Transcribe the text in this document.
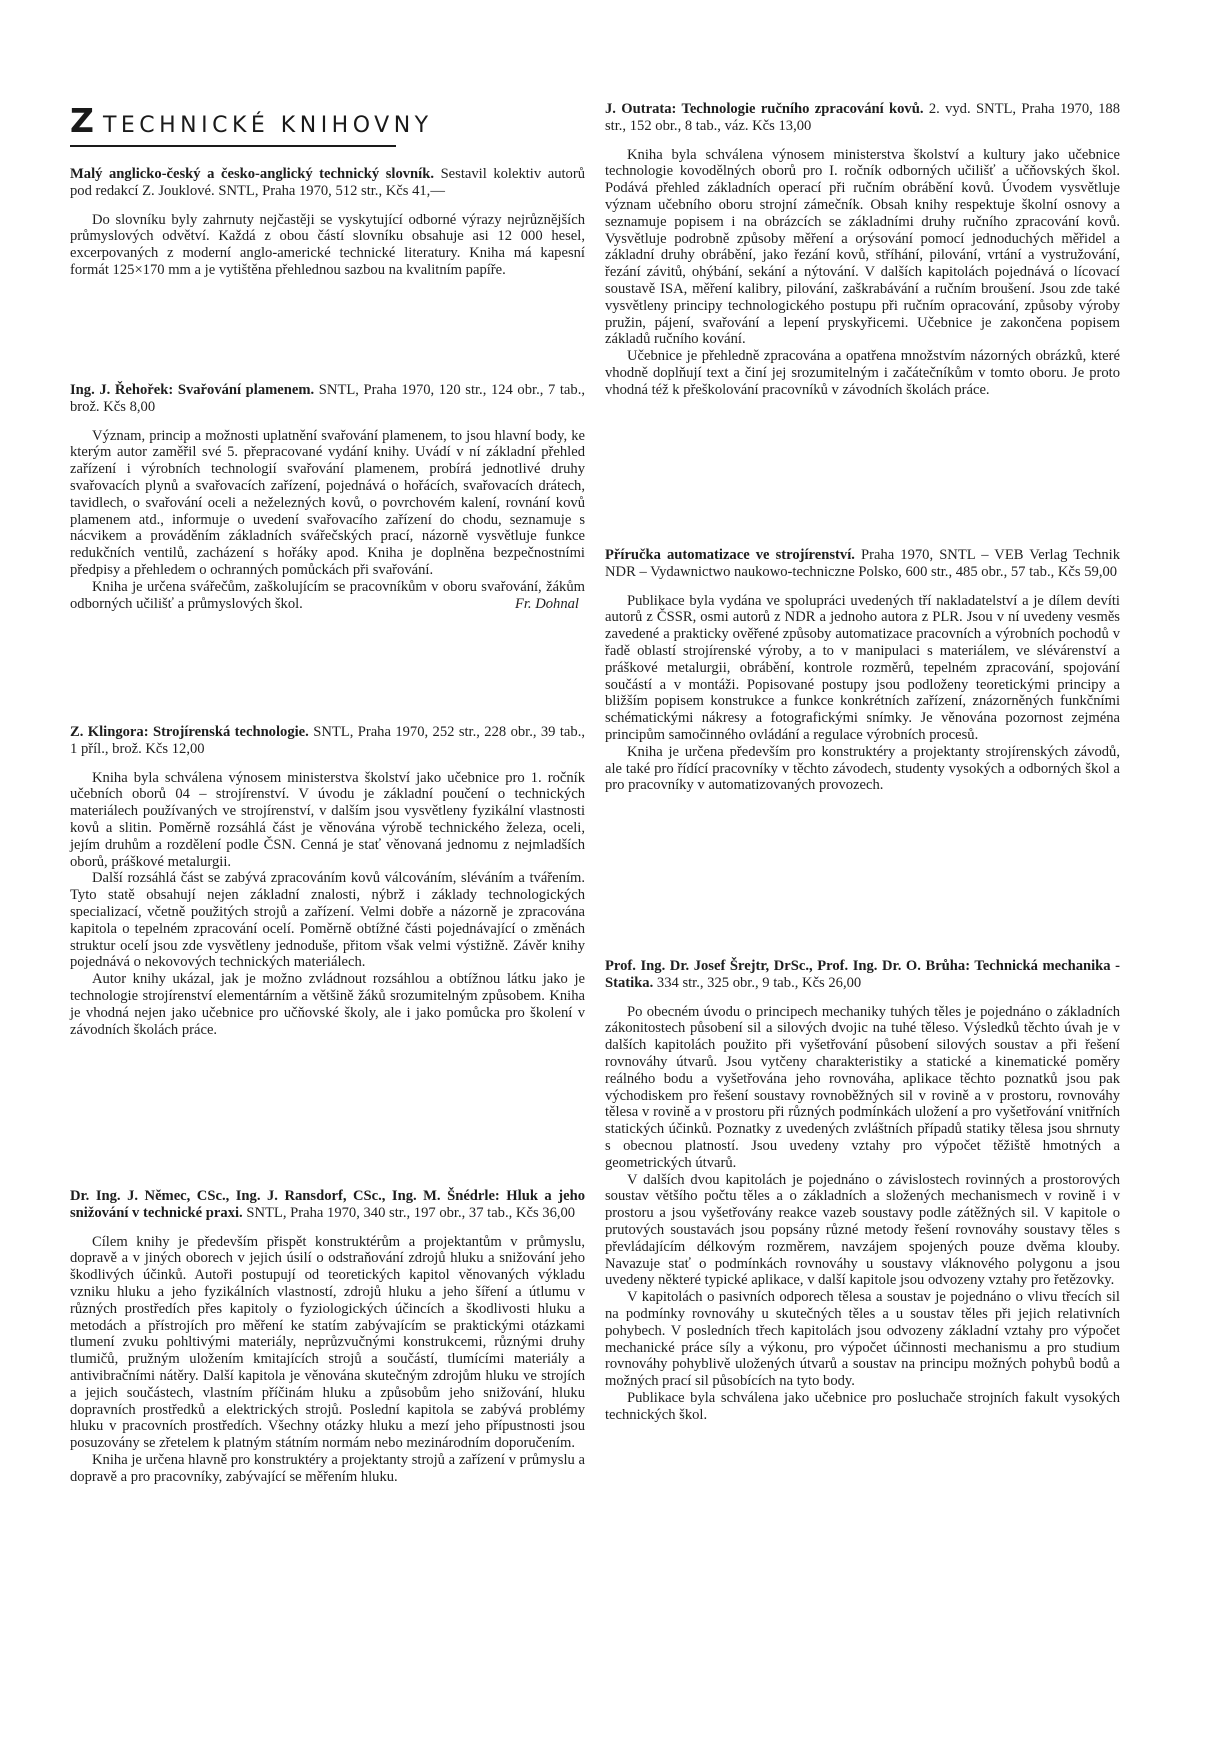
ZTECHNICKÉ KNIHOVNY

Malý anglicko-český a česko-anglický technický slovník. Sestavil kolektiv autorů pod redakcí Z. Jouklové. SNTL, Praha 1970, 512 str., Kčs 41,—

Do slovníku byly zahrnuty nejčastěji se vyskytující odborné výrazy nejrůznějších průmyslových odvětví. Každá z obou částí slovníku obsahuje asi 12 000 hesel, excerpovaných z moderní anglo-americké technické literatury. Kniha má kapesní formát 125×170 mm a je vytištěna přehlednou sazbou na kvalitním papíře.

Ing. J. Řehořek: Svařování plamenem. SNTL, Praha 1970, 120 str., 124 obr., 7 tab., brož. Kčs 8,00

Význam, princip a možnosti uplatnění svařování plamenem, to jsou hlavní body, ke kterým autor zaměřil své 5. přepracované vydání knihy. Uvádí v ní základní přehled zařízení i výrobních technologií svařování plamenem, probírá jednotlivé druhy svařovacích plynů a svařovacích zařízení, pojednává o hořácích, svařovacích drátech, tavidlech, o svařování oceli a neželezných kovů, o povrchovém kalení, rovnání kovů plamenem atd., informuje o uvedení svařovacího zařízení do chodu, seznamuje s nácvikem a prováděním základních svářečských prací, názorně vysvětluje funkce redukčních ventilů, zacházení s hořáky apod. Kniha je doplněna bezpečnostními předpisy a přehledem o ochranných pomůckách při svařování.

Kniha je určena svářečům, zaškolujícím se pracovníkům v oboru svařování, žákům odborných učilišť a průmyslových škol.	Fr. Dohnal

Z. Klingora: Strojírenská technologie. SNTL, Praha 1970, 252 str., 228 obr., 39 tab., 1 příl., brož. Kčs 12,00

Kniha byla schválena výnosem ministerstva školství jako učebnice pro 1. ročník učebních oborů 04 – strojírenství. V úvodu je základní poučení o technických materiálech používaných ve strojírenství, v dalším jsou vysvětleny fyzikální vlastnosti kovů a slitin. Poměrně rozsáhlá část je věnována výrobě technického železa, oceli, jejím druhům a rozdělení podle ČSN. Cenná je stať věnovaná jednomu z nejmladších oborů, práškové metalurgii.

Další rozsáhlá část se zabývá zpracováním kovů válcováním, sléváním a tvářením. Tyto statě obsahují nejen základní znalosti, nýbrž i základy technologických specializací, včetně použitých strojů a zařízení. Velmi dobře a názorně je zpracována kapitola o tepelném zpracování ocelí. Poměrně obtížné části pojednávající o změnách struktur ocelí jsou zde vysvětleny jednoduše, přitom však velmi výstižně. Závěr knihy pojednává o nekovových technických materiálech.

Autor knihy ukázal, jak je možno zvládnout rozsáhlou a obtížnou látku jako je technologie strojírenství elementárním a většině žáků srozumitelným způsobem. Kniha je vhodná nejen jako učebnice pro učňovské školy, ale i jako pomůcka pro školení v závodních školách práce.

Dr. Ing. J. Němec, CSc., Ing. J. Ransdorf, CSc., Ing. M. Šnédrle: Hluk a jeho snižování v technické praxi. SNTL, Praha 1970, 340 str., 197 obr., 37 tab., Kčs 36,00

Cílem knihy je především přispět konstruktérům a projektantům v průmyslu, dopravě a v jiných oborech v jejich úsilí o odstraňování zdrojů hluku a snižování jeho škodlivých účinků. Autoři postupují od teoretických kapitol věnovaných výkladu vzniku hluku a jeho fyzikálních vlastností, zdrojů hluku a jeho šíření a útlumu v různých prostředích přes kapitoly o fyziologických účincích a škodlivosti hluku a metodách a přístrojích pro měření ke statím zabývajícím se praktickými otázkami tlumení zvuku pohltivými materiály, neprůzvučnými konstrukcemi, různými druhy tlumičů, pružným uložením kmitajících strojů a součástí, tlumícími materiály a antivibračními nátěry. Další kapitola je věnována skutečným zdrojům hluku ve strojích a jejich součástech, vlastním příčinám hluku a způsobům jeho snižování, hluku dopravních prostředků a elektrických strojů. Poslední kapitola se zabývá problémy hluku v pracovních prostředích. Všechny otázky hluku a mezí jeho přípustnosti jsou posuzovány se zřetelem k platným státním normám nebo mezinárodním doporučením.

Kniha je určena hlavně pro konstruktéry a projektanty strojů a zařízení v průmyslu a dopravě a pro pracovníky, zabývající se měřením hluku.

J. Outrata: Technologie ručního zpracování kovů. 2. vyd. SNTL, Praha 1970, 188 str., 152 obr., 8 tab., váz. Kčs 13,00

Kniha byla schválena výnosem ministerstva školství a kultury jako učebnice technologie kovodělných oborů pro I. ročník odborných učilišť a učňovských škol. Podává přehled základních operací při ručním obrábění kovů. Úvodem vysvětluje význam učebního oboru strojní zámečník. Obsah knihy respektuje školní osnovy a seznamuje popisem i na obrázcích se základními druhy ručního zpracování kovů. Vysvětluje podrobně způsoby měření a orýsování pomocí jednoduchých měřidel a základní druhy obrábění, jako řezání kovů, stříhání, pilování, vrtání a vystružování, řezání závitů, ohýbání, sekání a nýtování. V dalších kapitolách pojednává o lícovací soustavě ISA, měření kalibry, pilování, zaškrabávání a ručním broušení. Jsou zde také vysvětleny principy technologického postupu při ručním opracování, způsoby výroby pružin, pájení, svařování a lepení pryskyřicemi. Učebnice je zakončena popisem základů ručního kování.

Učebnice je přehledně zpracována a opatřena množstvím názorných obrázků, které vhodně doplňují text a činí jej srozumitelným i začátečníkům v tomto oboru. Je proto vhodná též k přeškolování pracovníků v závodních školách práce.

Příručka automatizace ve strojírenství. Praha 1970, SNTL – VEB Verlag Technik NDR – Vydawnictwo naukowo-techniczne Polsko, 600 str., 485 obr., 57 tab., Kčs 59,00

Publikace byla vydána ve spolupráci uvedených tří nakladatelství a je dílem devíti autorů z ČSSR, osmi autorů z NDR a jednoho autora z PLR. Jsou v ní uvedeny vesměs zavedené a prakticky ověřené způsoby automatizace pracovních a výrobních pochodů v řadě oblastí strojírenské výroby, a to v manipulaci s materiálem, ve slévárenství a práškové metalurgii, obrábění, kontrole rozměrů, tepelném zpracování, spojování součástí a v montáži. Popisované postupy jsou podloženy teoretickými principy a bližším popisem konstrukce a funkce konkrétních zařízení, znázorněných funkčními schématickými nákresy a fotografickými snímky. Je věnována pozornost zejména principům samočinného ovládání a regulace výrobních procesů.

Kniha je určena především pro konstruktéry a projektanty strojírenských závodů, ale také pro řídící pracovníky v těchto závodech, studenty vysokých a odborných škol a pro pracovníky v automatizovaných provozech.

Prof. Ing. Dr. Josef Šrejtr, DrSc., Prof. Ing. Dr. O. Brůha: Technická mechanika - Statika. 334 str., 325 obr., 9 tab., Kčs 26,00

Po obecném úvodu o principech mechaniky tuhých těles je pojednáno o základních zákonitostech působení sil a silových dvojic na tuhé těleso. Výsledků těchto úvah je v dalších kapitolách použito při vyšetřování působení silových soustav a při řešení rovnováhy útvarů. Jsou vytčeny charakteristiky a statické a kinematické poměry reálného bodu a vyšetřována jeho rovnováha, aplikace těchto poznatků jsou pak východiskem pro řešení soustavy rovnoběžných sil v rovině a v prostoru, rovnováhy tělesa v rovině a v prostoru při různých podmínkách uložení a pro vyšetřování vnitřních statických účinků. Poznatky z uvedených zvláštních případů statiky tělesa jsou shrnuty s obecnou platností. Jsou uvedeny vztahy pro výpočet těžiště hmotných a geometrických útvarů.

V dalších dvou kapitolách je pojednáno o závislostech rovinných a prostorových soustav většího počtu těles a o základních a složených mechanismech v rovině i v prostoru a jsou vyšetřovány reakce vazeb soustavy podle zátěžných sil. V kapitole o prutových soustavách jsou popsány různé metody řešení rovnováhy soustavy těles s převládajícím délkovým rozměrem, navzájem spojených pouze dvěma klouby. Navazuje stať o podmínkách rovnováhy u soustavy vláknového polygonu a jsou uvedeny některé typické aplikace, v další kapitole jsou odvozeny vztahy pro řetězovky.

V kapitolách o pasivních odporech tělesa a soustav je pojednáno o vlivu třecích sil na podmínky rovnováhy u skutečných těles a u soustav těles při jejich relativních pohybech. V posledních třech kapitolách jsou odvozeny základní vztahy pro výpočet mechanické práce síly a výkonu, pro výpočet účinnosti mechanismu a pro studium rovnováhy pohyblivě uložených útvarů a soustav na principu možných pohybů bodů a možných prací sil působících na tyto body.

Publikace byla schválena jako učebnice pro posluchače strojních fakult vysokých technických škol.
